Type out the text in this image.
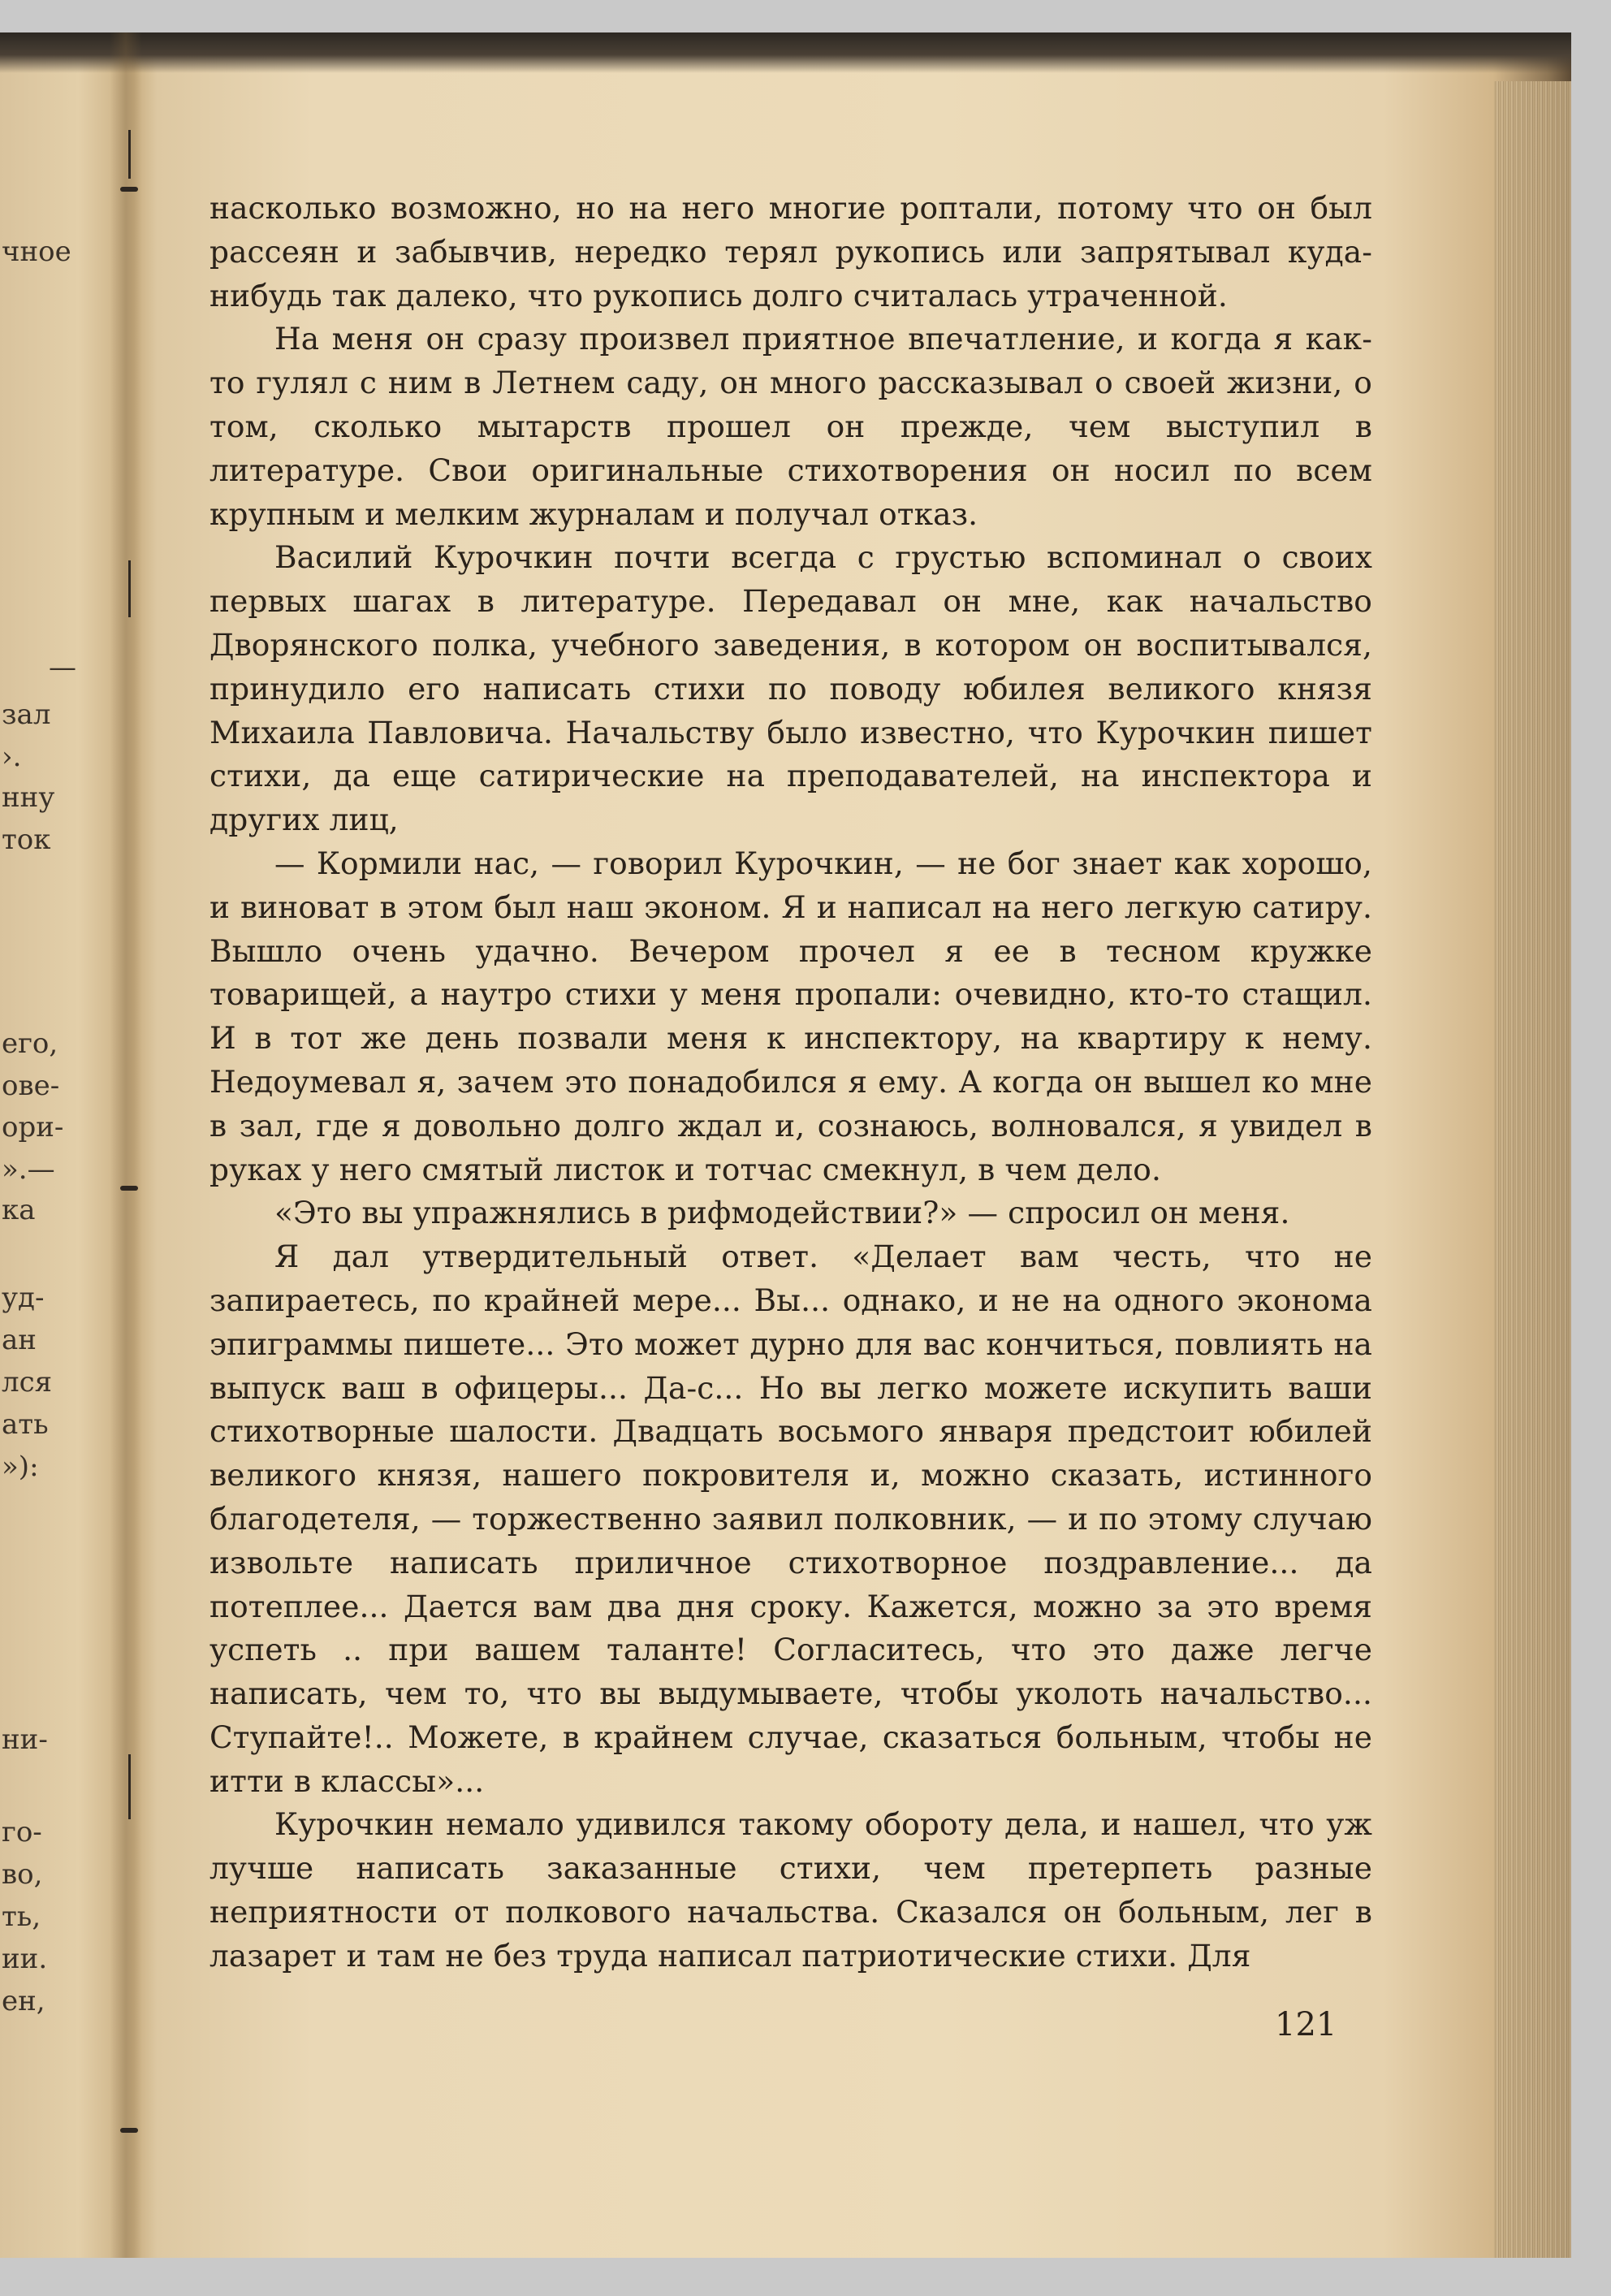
чное
—
зал
›.
нну
ток
его,
ове-
ори-
».—
ка
уд-
ан
лся
ать
»):
ни-
го-
во,
ть,
ии.
ен,

насколько возможно, но на него многие роптали, потому что он был рассеян и забывчив, нередко терял рукопись или запрятывал куда-нибудь так далеко, что рукопись долго считалась утраченной.

На меня он сразу произвел приятное впечатление, и когда я как-то гулял с ним в Летнем саду, он много рассказывал о своей жизни, о том, сколько мытарств прошел он прежде, чем выступил в литературе. Свои оригинальные стихотворения он носил по всем крупным и мелким журналам и получал отказ.

Василий Курочкин почти всегда с грустью вспоминал о своих первых шагах в литературе. Передавал он мне, как начальство Дворянского полка, учебного заведения, в котором он воспитывался, принудило его написать стихи по поводу юбилея великого князя Михаила Павловича. Начальству было известно, что Курочкин пишет стихи, да еще сатирические на преподавателей, на инспектора и других лиц,

— Кормили нас, — говорил Курочкин, — не бог знает как хорошо, и виноват в этом был наш эконом. Я и написал на него легкую сатиру. Вышло очень удачно. Вечером прочел я ее в тесном кружке товарищей, а наутро стихи у меня пропали: очевидно, кто-то стащил. И в тот же день позвали меня к инспектору, на квартиру к нему. Недоумевал я, зачем это понадобился я ему. А когда он вышел ко мне в зал, где я довольно долго ждал и, сознаюсь, волновался, я увидел в руках у него смятый листок и тотчас смекнул, в чем дело.

«Это вы упражнялись в рифмодействии?» — спросил он меня.

Я дал утвердительный ответ. «Делает вам честь, что не запираетесь, по крайней мере... Вы... однако, и не на одного эконома эпиграммы пишете... Это может дурно для вас кончиться, повлиять на выпуск ваш в офицеры... Да-с... Но вы легко можете искупить ваши стихотворные шалости. Двадцать восьмого января предстоит юбилей великого князя, нашего покровителя и, можно сказать, истинного благодетеля, — торжественно заявил полковник, — и по этому случаю извольте написать приличное стихотворное поздравление... да потеплее... Дается вам два дня сроку. Кажется, можно за это время успеть .. при вашем таланте! Согласитесь, что это даже легче написать, чем то, что вы выдумываете, чтобы уколоть начальство... Ступайте!.. Можете, в крайнем случае, сказаться больным, чтобы не итти в классы»...

Курочкин немало удивился такому обороту дела, и нашел, что уж лучше написать заказанные стихи, чем претерпеть разные неприятности от полкового начальства. Сказался он больным, лег в лазарет и там не без труда написал патриотические стихи. Для

121
